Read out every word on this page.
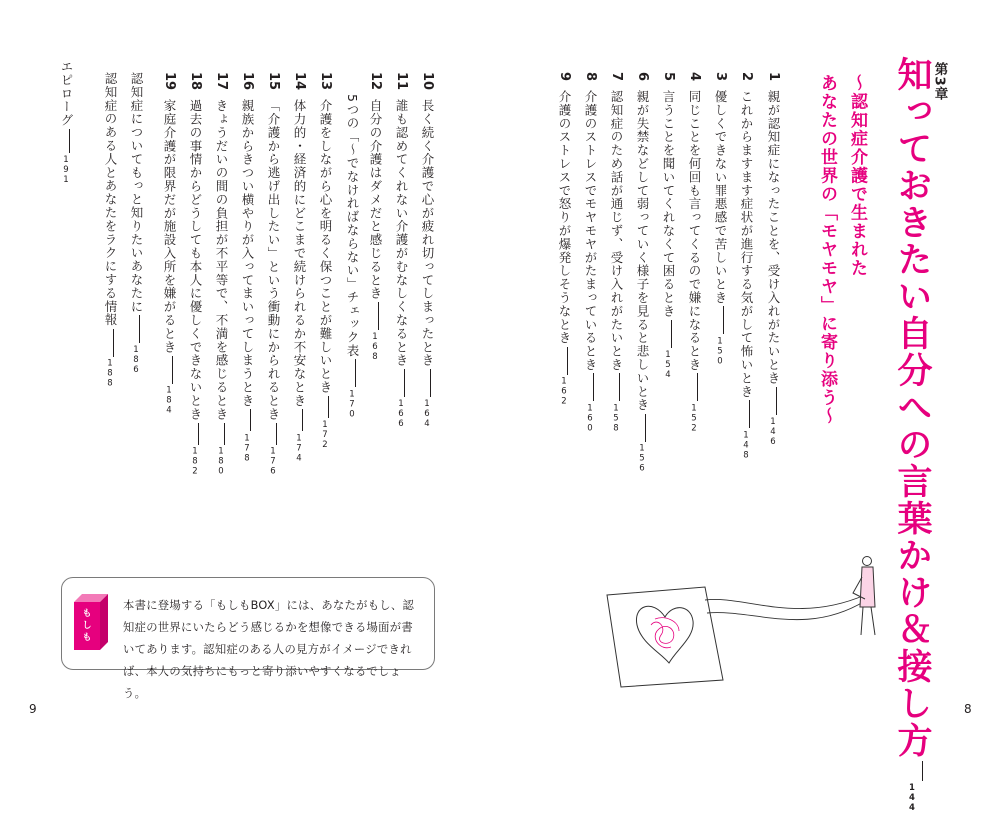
第3章
知っておきたい自分への言葉かけ＆接し方144
〜認知症介護で生まれた
あなたの世界の「モヤモヤ」に寄り添う〜
1親が認知症になったことを、受け入れがたいとき146
2これからますます症状が進行する気がして怖いとき148
3優しくできない罪悪感で苦しいとき150
4同じことを何回も言ってくるので嫌になるとき152
5言うことを聞いてくれなくて困るとき154
6親が失禁などして弱っていく様子を見ると悲しいとき156
7認知症のため話が通じず、受け入れがたいとき158
8介護のストレスでモヤモヤがたまっているとき160
9介護のストレスで怒りが爆発しそうなとき162
10長く続く介護で心が疲れ切ってしまったとき164
11誰も認めてくれない介護がむなしくなるとき166
12自分の介護はダメだと感じるとき168
5つの「〜でなければならない」チェック表170
13介護をしながら心を明るく保つことが難しいとき172
14体力的・経済的にどこまで続けられるか不安なとき174
15「介護から逃げ出したい」という衝動にかられるとき176
16親族からきつい横やりが入ってまいってしまうとき178
17きょうだいの間の負担が不平等で、不満を感じるとき180
18過去の事情からどうしても本人に優しくできないとき182
19家庭介護が限界だが施設入所を嫌がるとき184
認知症についてもっと知りたいあなたに186
認知症のある人とあなたをラクにする情報188
エピローグ191
も
し
も

本書に登場する「もしもBOX」には、あなたがもし、認知症の世界にいたらどう感じるかを想像できる場面が書いてあります。認知症のある人の見方がイメージできれば、本人の気持ちにもっと寄り添いやすくなるでしょう。

9	8
